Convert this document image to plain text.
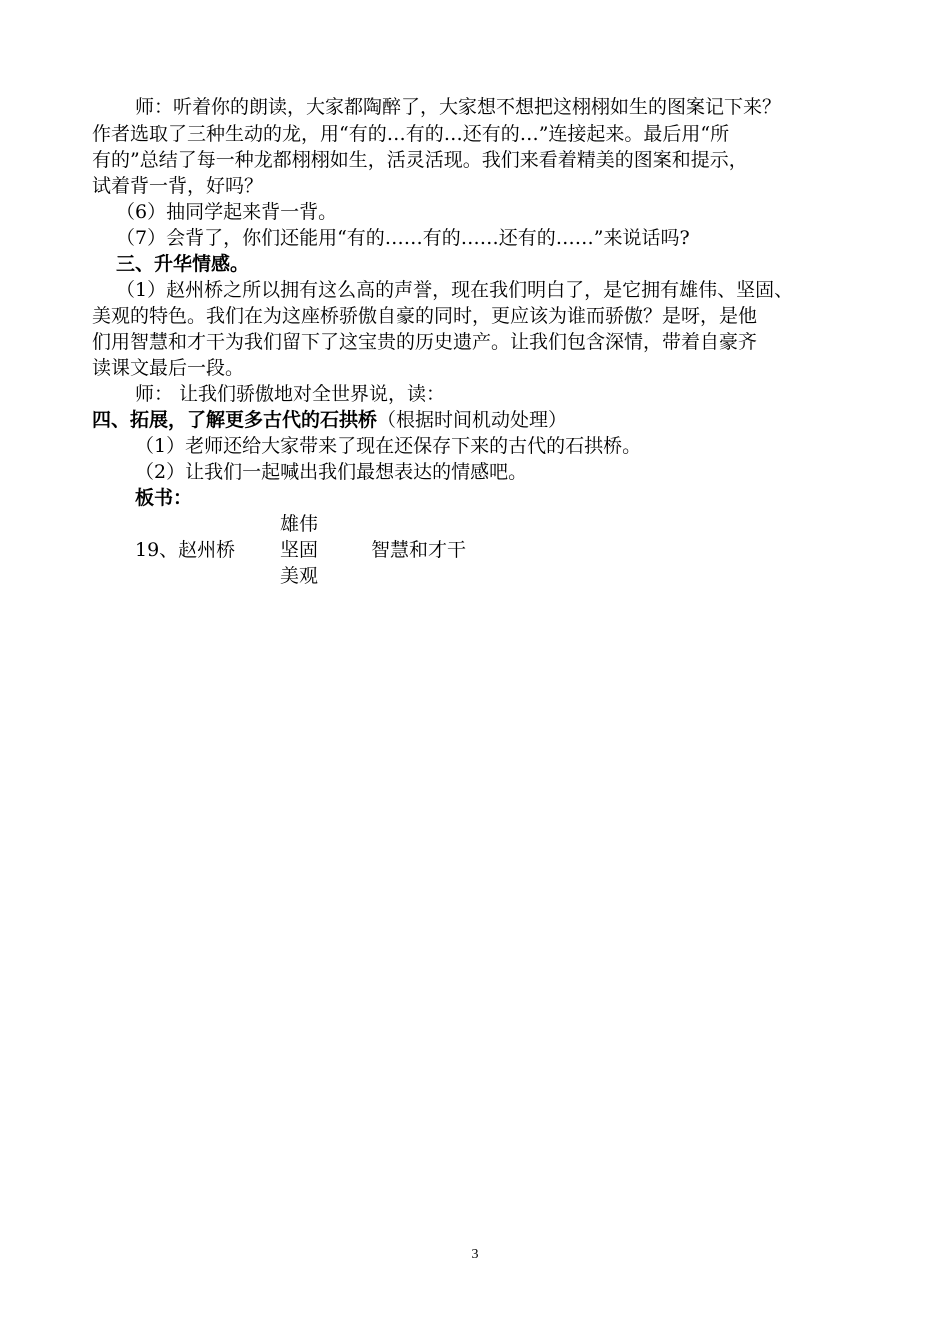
师：听着你的朗读，大家都陶醉了，大家想不想把这栩栩如生的图案记下来？
作者选取了三种生动的龙，用“有的…有的…还有的…”连接起来。最后用“所
有的”总结了每一种龙都栩栩如生，活灵活现。我们来看着精美的图案和提示，
试着背一背，好吗？
（6）抽同学起来背一背。
（7）会背了，你们还能用“有的……有的……还有的……”来说话吗?
三、升华情感。
（1）赵州桥之所以拥有这么高的声誉，现在我们明白了，是它拥有雄伟、坚固、
美观的特色。我们在为这座桥骄傲自豪的同时，更应该为谁而骄傲？是呀，是他
们用智慧和才干为我们留下了这宝贵的历史遗产。让我们包含深情，带着自豪齐
读课文最后一段。
师： 让我们骄傲地对全世界说，读：
四、拓展，了解更多古代的石拱桥（根据时间机动处理）
（1）老师还给大家带来了现在还保存下来的古代的石拱桥。
（2）让我们一起喊出我们最想表达的情感吧。
板书：
雄伟
19、赵州桥 坚固	智慧和才干
美观
3
